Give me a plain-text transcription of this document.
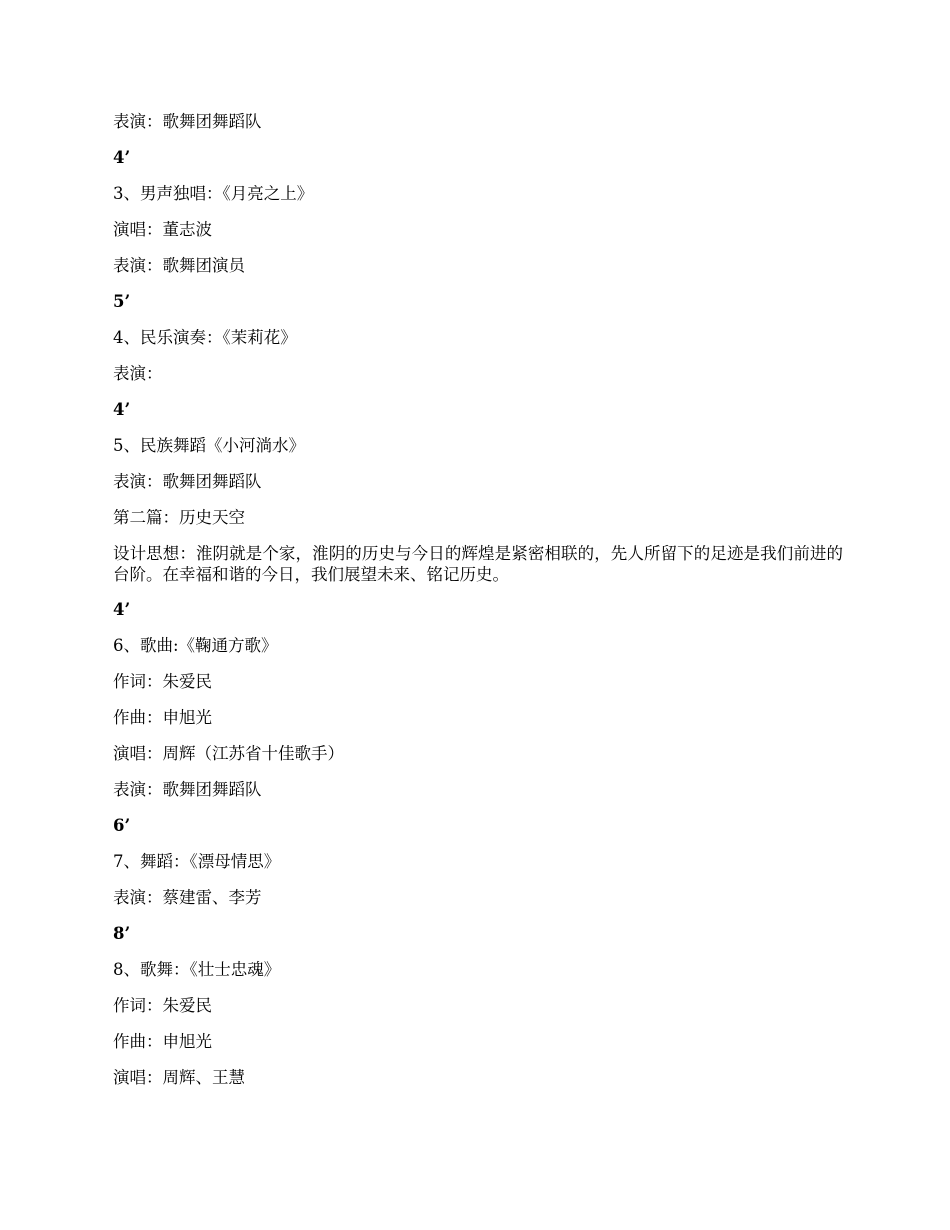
表演：歌舞团舞蹈队
4’
3、男声独唱：《月亮之上》
演唱：董志波
表演：歌舞团演员
5’
4、民乐演奏：《茉莉花》
表演：
4’
5、民族舞蹈《小河淌水》
表演：歌舞团舞蹈队
第二篇：历史天空
设计思想：淮阴就是个家，淮阴的历史与今日的辉煌是紧密相联的，先人所留下的足迹是我们前进的台阶。在幸福和谐的今日，我们展望未来、铭记历史。
4’
6、歌曲:《鞠通方歌》
作词：朱爱民
作曲：申旭光
演唱：周辉（江苏省十佳歌手）
表演：歌舞团舞蹈队
6’
7、舞蹈：《漂母情思》
表演：蔡建雷、李芳
8’
8、歌舞：《壮士忠魂》
作词：朱爱民
作曲：申旭光
演唱：周辉、王慧
